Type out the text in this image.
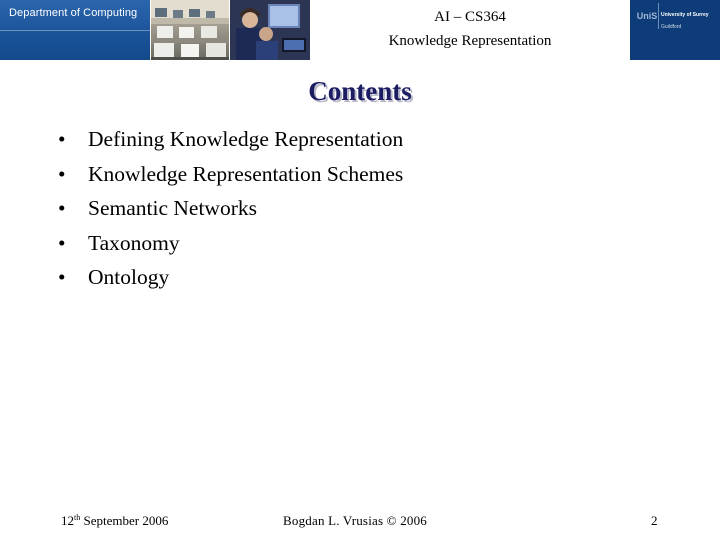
Department of Computing	AI – CS364
Knowledge Representation
UniS University of Surrey
Guildford
Contents
•	Defining Knowledge Representation
•	Knowledge Representation Schemes
•	Semantic Networks
•	Taxonomy
•	Ontology
12th September 2006	Bogdan L. Vrusias © 2006	2
